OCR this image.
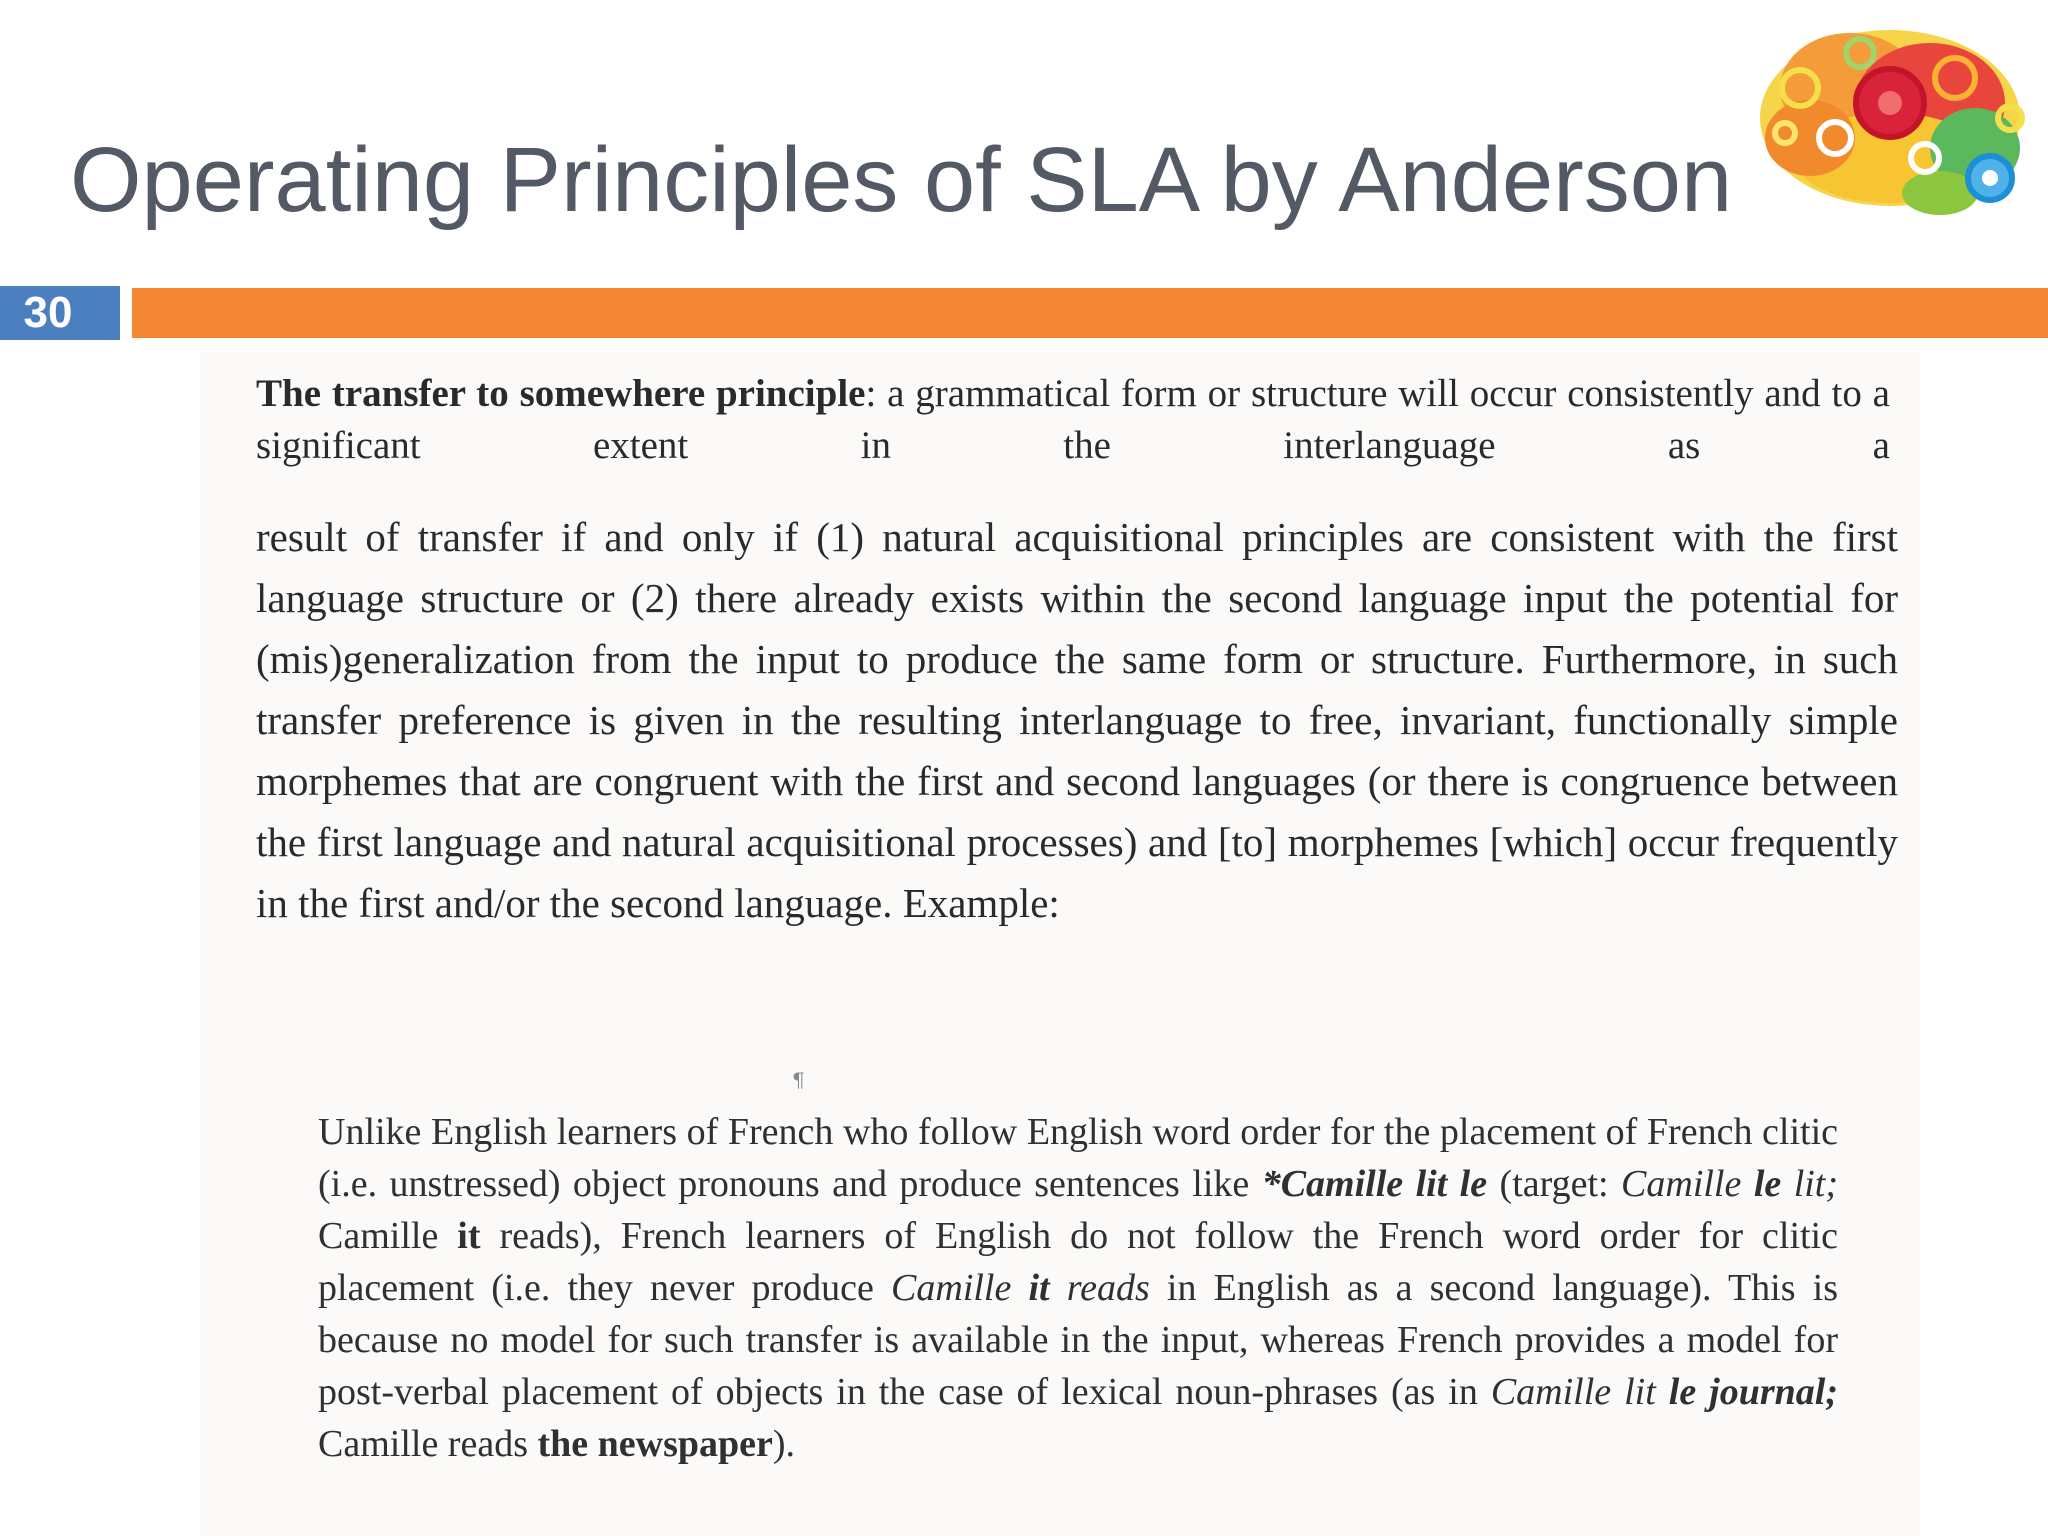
Operating Principles of SLA by Anderson
30

The transfer to somewhere principle: a grammatical form or structure will occur consistently and to a significant extent in the interlanguage as a

result of transfer if and only if (1) natural acquisitional principles are consistent with the first language structure or (2) there already exists within the second language input the potential for (mis)generalization from the input to produce the same form or structure. Furthermore, in such transfer preference is given in the resulting interlanguage to free, invariant, functionally simple morphemes that are congruent with the first and second languages (or there is congruence between the first language and natural acquisitional processes) and [to] morphemes [which] occur frequently in the first and/or the second language. Example:

¶

Unlike English learners of French who follow English word order for the placement of French clitic (i.e. unstressed) object pronouns and produce sentences like *Camille lit le (target: Camille le lit; Camille it reads), French learners of English do not follow the French word order for clitic placement (i.e. they never produce Camille it reads in English as a second language). This is because no model for such transfer is available in the input, whereas French provides a model for post-verbal placement of objects in the case of lexical noun-phrases (as in Camille lit le journal; Camille reads the newspaper).
